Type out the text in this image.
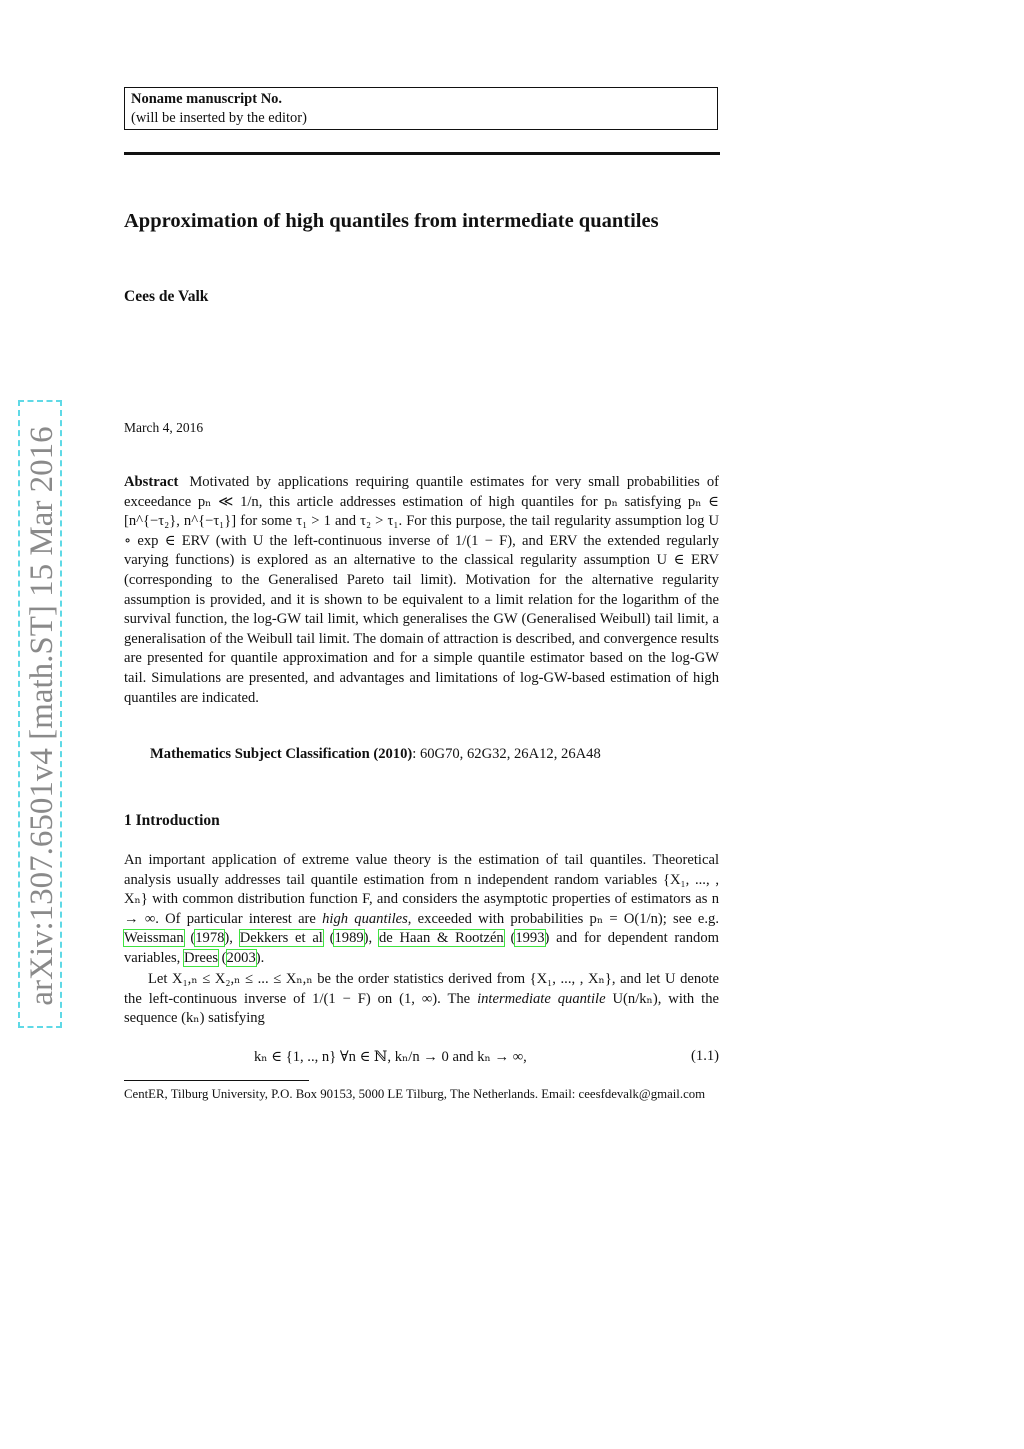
Noname manuscript No.
(will be inserted by the editor)
Approximation of high quantiles from intermediate quantiles
Cees de Valk
March 4, 2016
Abstract Motivated by applications requiring quantile estimates for very small probabilities of exceedance pₙ ≪ 1/n, this article addresses estimation of high quantiles for pₙ satisfying pₙ ∈ [n^{−τ₂}, n^{−τ₁}] for some τ₁ > 1 and τ₂ > τ₁. For this purpose, the tail regularity assumption log U ∘ exp ∈ ERV (with U the left-continuous inverse of 1/(1 − F), and ERV the extended regularly varying functions) is explored as an alternative to the classical regularity assumption U ∈ ERV (corresponding to the Generalised Pareto tail limit). Motivation for the alternative regularity assumption is provided, and it is shown to be equivalent to a limit relation for the logarithm of the survival function, the log-GW tail limit, which generalises the GW (Generalised Weibull) tail limit, a generalisation of the Weibull tail limit. The domain of attraction is described, and convergence results are presented for quantile approximation and for a simple quantile estimator based on the log-GW tail. Simulations are presented, and advantages and limitations of log-GW-based estimation of high quantiles are indicated.
Mathematics Subject Classification (2010): 60G70, 62G32, 26A12, 26A48
1 Introduction
An important application of extreme value theory is the estimation of tail quantiles. Theoretical analysis usually addresses tail quantile estimation from n independent random variables {X₁, ..., , Xₙ} with common distribution function F, and considers the asymptotic properties of estimators as n → ∞. Of particular interest are high quantiles, exceeded with probabilities pₙ = O(1/n); see e.g. Weissman (1978), Dekkers et al (1989), de Haan & Rootzén (1993) and for dependent random variables, Drees (2003).
Let X₁,ₙ ≤ X₂,ₙ ≤ ... ≤ Xₙ,ₙ be the order statistics derived from {X₁, ..., , Xₙ}, and let U denote the left-continuous inverse of 1/(1 − F) on (1, ∞). The intermediate quantile U(n/kₙ), with the sequence (kₙ) satisfying
kₙ ∈ {1, .., n} ∀n ∈ ℕ, kₙ/n → 0 and kₙ → ∞,	(1.1)
CentER, Tilburg University, P.O. Box 90153, 5000 LE Tilburg, The Netherlands. Email: ceesfdevalk@gmail.com
arXiv:1307.6501v4 [math.ST] 15 Mar 2016
